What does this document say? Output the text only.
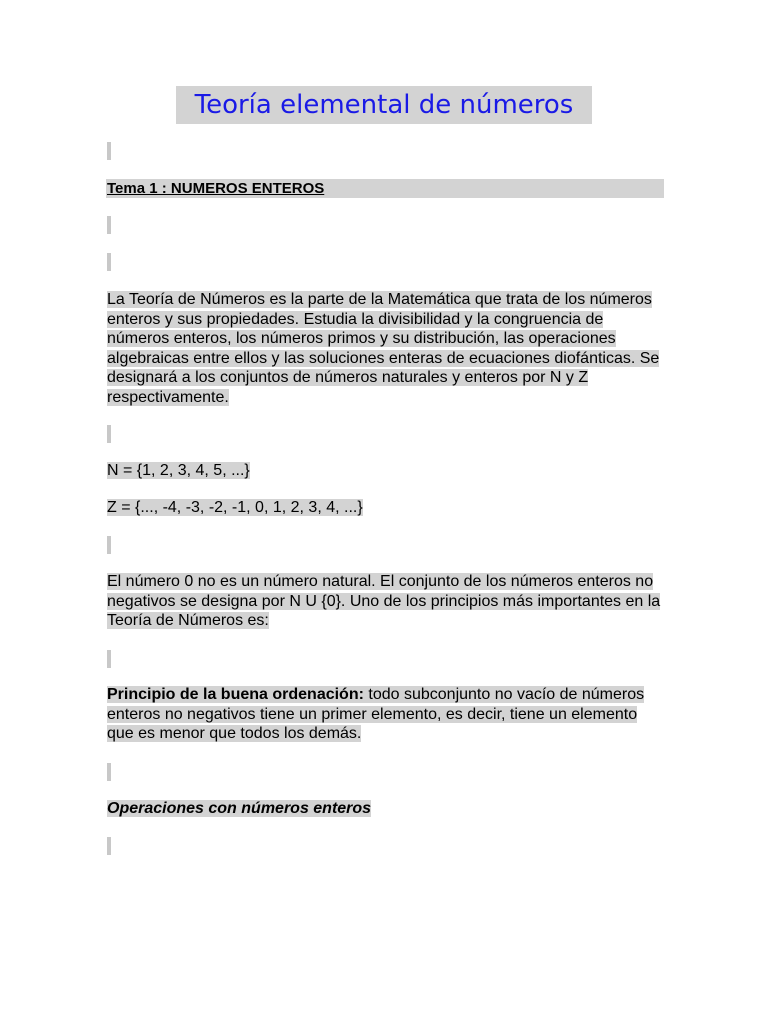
Teoría elemental de números
Tema 1 : NUMEROS ENTEROS
La Teoría de Números es la parte de la Matemática que trata de los números enteros y sus propiedades. Estudia la divisibilidad y la congruencia de números enteros, los números primos y su distribución, las operaciones algebraicas entre ellos y las soluciones enteras de ecuaciones diofánticas. Se designará a los conjuntos de números naturales y enteros por N y Z respectivamente.
N = {1, 2, 3, 4, 5, ...}
Z = {..., -4, -3, -2, -1, 0, 1, 2, 3, 4, ...}
El número 0 no es un número natural. El conjunto de los números enteros no negativos se designa por N U {0}. Uno de los principios más importantes en la Teoría de Números es:
Principio de la buena ordenación: todo subconjunto no vacío de números enteros no negativos tiene un primer elemento, es decir, tiene un elemento que es menor que todos los demás.
Operaciones con números enteros
